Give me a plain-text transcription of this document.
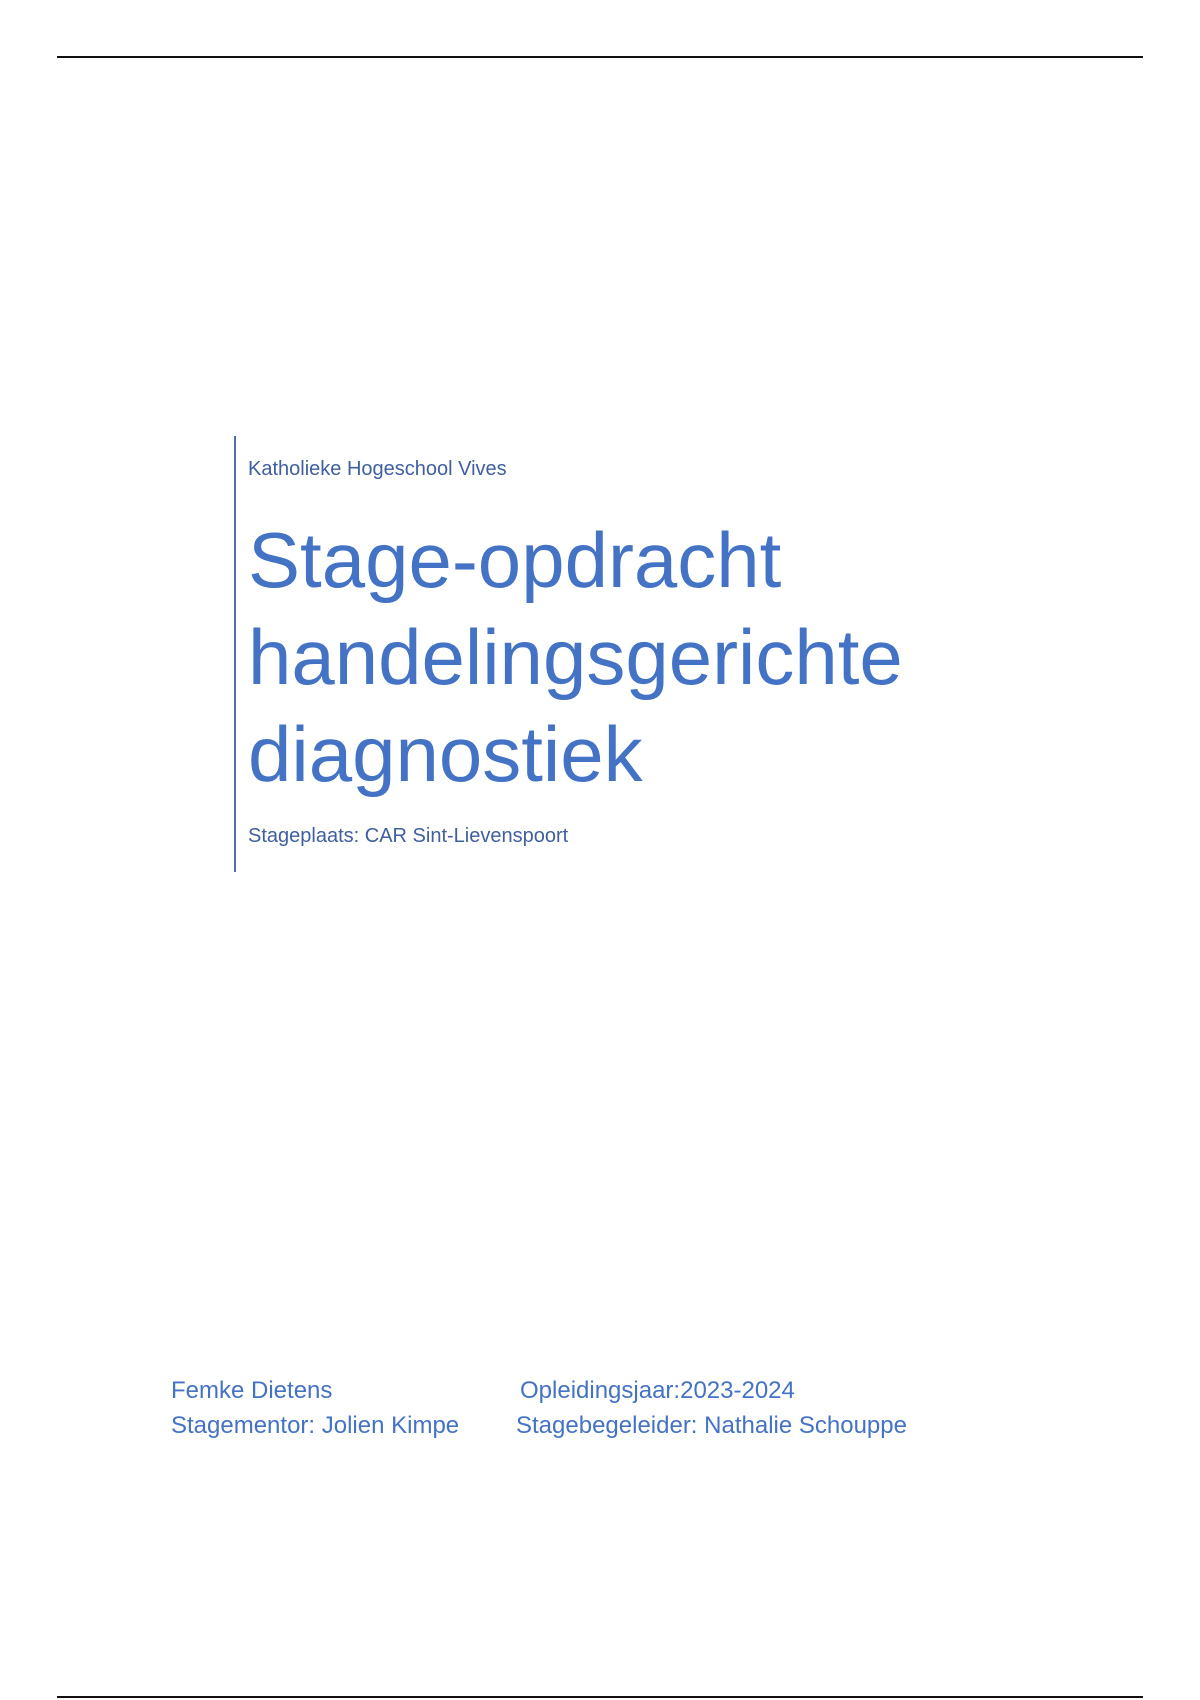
Katholieke Hogeschool Vives
Stage-opdracht
handelingsgerichte
diagnostiek
Stageplaats: CAR Sint-Lievenspoort
Femke Dietens	Opleidingsjaar:2023-2024
Stagementor: Jolien Kimpe Stagebegeleider: Nathalie Schouppe
